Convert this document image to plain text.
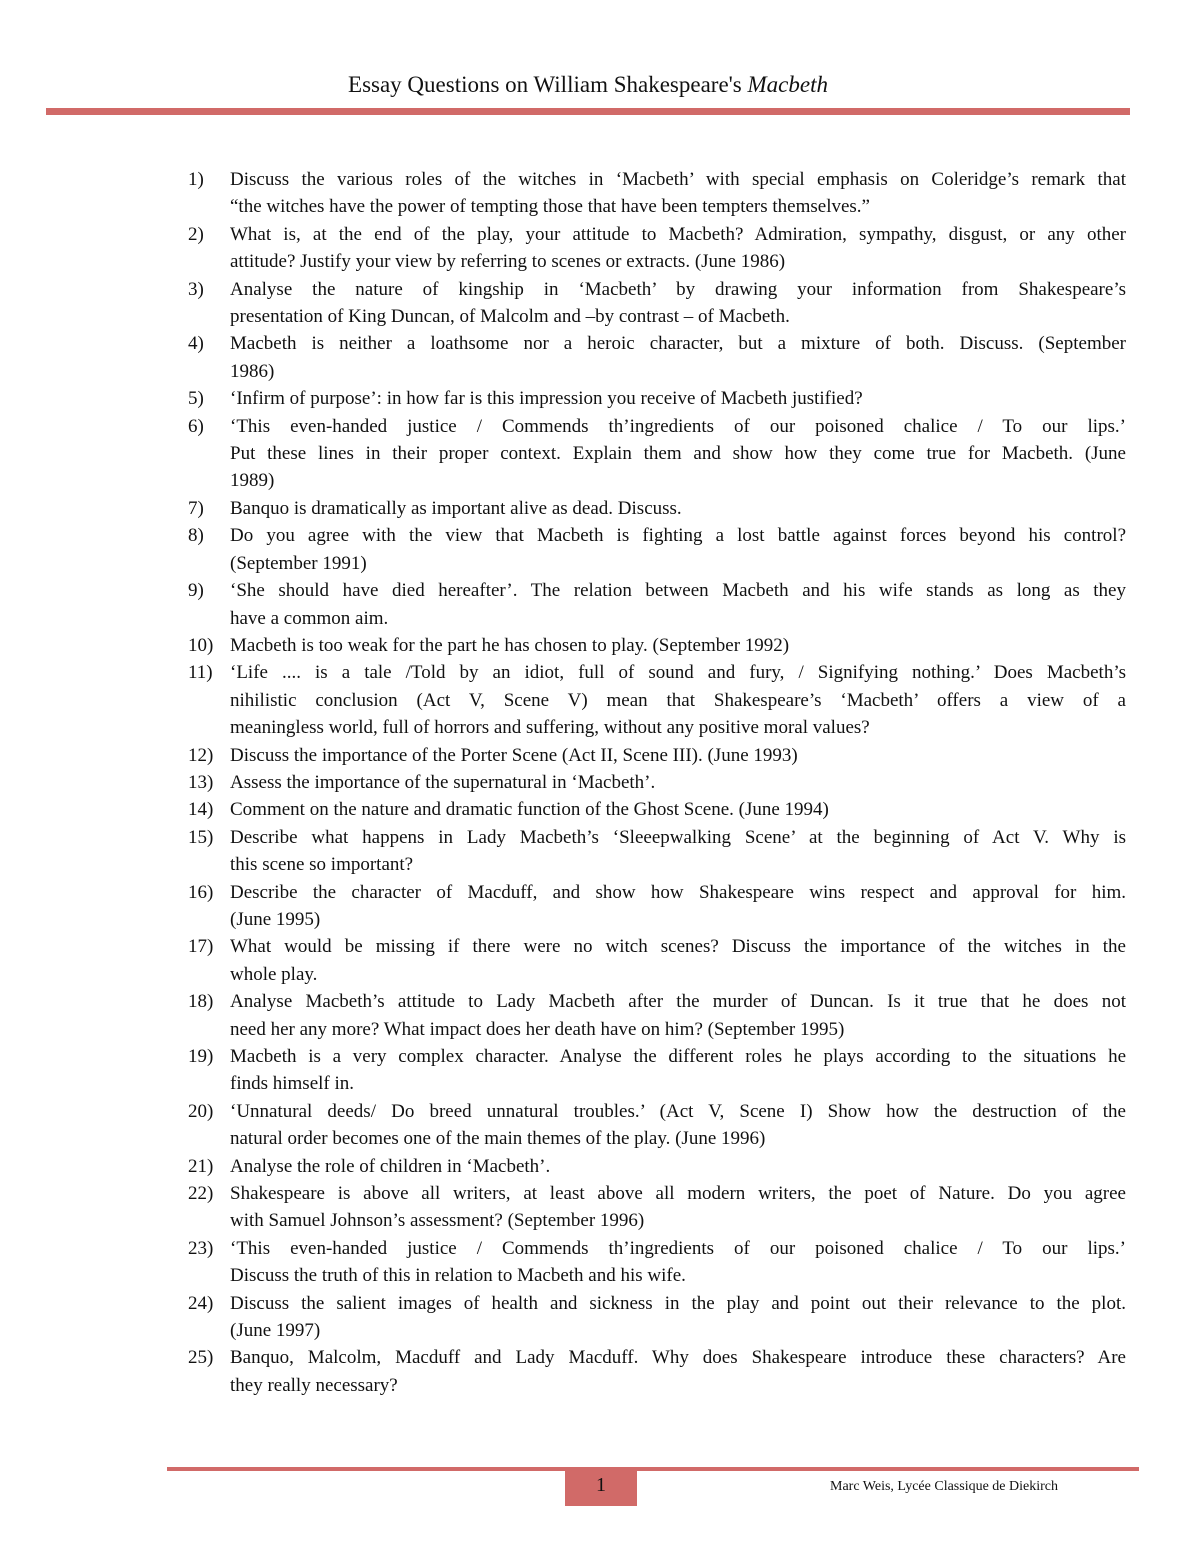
Essay Questions on William Shakespeare's Macbeth
1)	Discuss the various roles of the witches in ‘Macbeth’ with special emphasis on Coleridge’s remark that
“the witches have the power of tempting those that have been tempters themselves.”
2)	What is, at the end of the play, your attitude to Macbeth? Admiration, sympathy, disgust, or any other
attitude? Justify your view by referring to scenes or extracts. (June 1986)
3)	Analyse the nature of kingship in ‘Macbeth’ by drawing your information from Shakespeare’s
presentation of King Duncan, of Malcolm and –by contrast – of Macbeth.
4)	Macbeth is neither a loathsome nor a heroic character, but a mixture of both. Discuss. (September
1986)
5)	‘Infirm of purpose’: in how far is this impression you receive of Macbeth justified?
6)	‘This even-handed justice / Commends th’ingredients of our poisoned chalice / To our lips.’
Put these lines in their proper context. Explain them and show how they come true for Macbeth. (June
1989)
7)	Banquo is dramatically as important alive as dead. Discuss.
8)	Do you agree with the view that Macbeth is fighting a lost battle against forces beyond his control?
(September 1991)
9)	‘She should have died hereafter’. The relation between Macbeth and his wife stands as long as they
have a common aim.
10) Macbeth is too weak for the part he has chosen to play. (September 1992)
11) ‘Life .... is a tale /Told by an idiot, full of sound and fury, / Signifying nothing.’ Does Macbeth’s
nihilistic conclusion (Act V, Scene V) mean that Shakespeare’s ‘Macbeth’ offers a view of a
meaningless world, full of horrors and suffering, without any positive moral values?
12) Discuss the importance of the Porter Scene (Act II, Scene III). (June 1993)
13) Assess the importance of the supernatural in ‘Macbeth’.
14) Comment on the nature and dramatic function of the Ghost Scene. (June 1994)
15) Describe what happens in Lady Macbeth’s ‘Sleeepwalking Scene’ at the beginning of Act V. Why is
this scene so important?
16) Describe the character of Macduff, and show how Shakespeare wins respect and approval for him.
(June 1995)
17) What would be missing if there were no witch scenes? Discuss the importance of the witches in the
whole play.
18) Analyse Macbeth’s attitude to Lady Macbeth after the murder of Duncan. Is it true that he does not
need her any more? What impact does her death have on him? (September 1995)
19) Macbeth is a very complex character. Analyse the different roles he plays according to the situations he
finds himself in.
20) ‘Unnatural deeds/ Do breed unnatural troubles.’ (Act V, Scene I) Show how the destruction of the
natural order becomes one of the main themes of the play. (June 1996)
21) Analyse the role of children in ‘Macbeth’.
22) Shakespeare is above all writers, at least above all modern writers, the poet of Nature. Do you agree
with Samuel Johnson’s assessment? (September 1996)
23) ‘This even-handed justice / Commends th’ingredients of our poisoned chalice / To our lips.’
Discuss the truth of this in relation to Macbeth and his wife.
24) Discuss the salient images of health and sickness in the play and point out their relevance to the plot.
(June 1997)
25) Banquo, Malcolm, Macduff and Lady Macduff. Why does Shakespeare introduce these characters? Are
they really necessary?
1	Marc Weis, Lycée Classique de Diekirch
